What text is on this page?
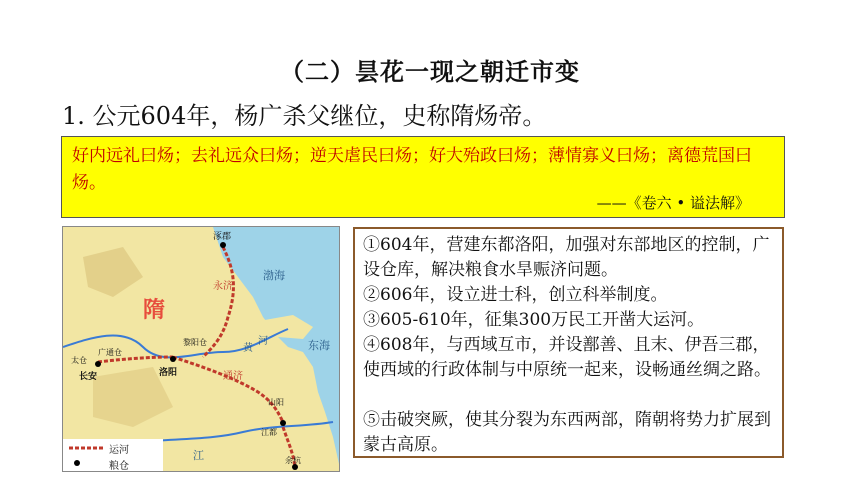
（二）昙花一现之朝迁市变
1. 公元604年，杨广杀父继位，史称隋炀帝。
好内远礼曰炀；去礼远众曰炀；逆天虐民曰炀；好大殆政曰炀；薄情寡义曰炀；离德荒国曰炀。
——《卷六 • 谥法解》
隋
涿郡
渤海
东海
永济
通济
黄
河
广通仓
太仓
长安	洛阳
黎阳仓
山阳
江都
余杭
江
运河
粮仓
①604年，营建东都洛阳，加强对东部地区的控制，广设仓库，解决粮食水旱赈济问题。
②606年，设立进士科，创立科举制度。
③605-610年，征集300万民工开凿大运河。
④608年，与西域互市，并设鄯善、且末、伊吾三郡，使西域的行政体制与中原统一起来，设畅通丝绸之路。
⑤击破突厥，使其分裂为东西两部，隋朝将势力扩展到蒙古高原。
